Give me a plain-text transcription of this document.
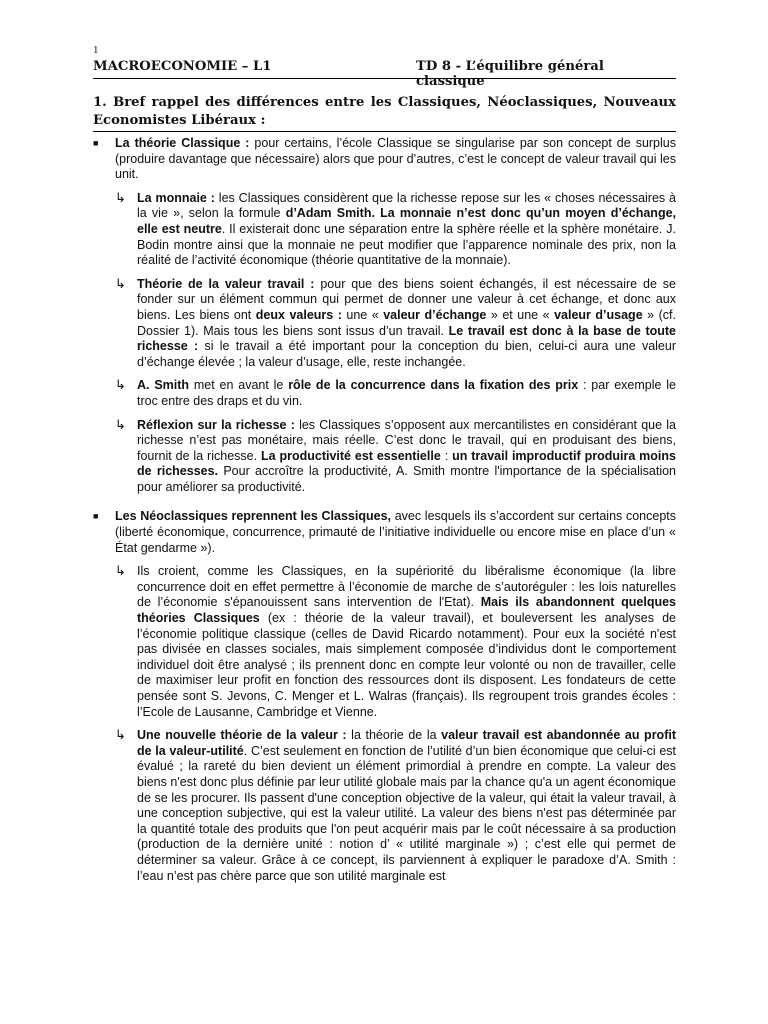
1
MACROECONOMIE – L1	TD 8 - L’équilibre général classique
1. Bref rappel des différences entre les Classiques, Néoclassiques, Nouveaux Economistes Libéraux :
■ La théorie Classique : pour certains, l’école Classique se singularise par son concept de surplus (produire davantage que nécessaire) alors que pour d’autres, c’est le concept de valeur travail qui les unit.
↳ La monnaie : les Classiques considèrent que la richesse repose sur les « choses nécessaires à la vie », selon la formule d’Adam Smith. La monnaie n’est donc qu’un moyen d’échange, elle est neutre. Il existerait donc une séparation entre la sphère réelle et la sphère monétaire. J. Bodin montre ainsi que la monnaie ne peut modifier que l’apparence nominale des prix, non la réalité de l’activité économique (théorie quantitative de la monnaie).
↳ Théorie de la valeur travail : pour que des biens soient échangés, il est nécessaire de se fonder sur un élément commun qui permet de donner une valeur à cet échange, et donc aux biens. Les biens ont deux valeurs : une « valeur d’échange » et une « valeur d’usage » (cf. Dossier 1). Mais tous les biens sont issus d’un travail. Le travail est donc à la base de toute richesse : si le travail a été important pour la conception du bien, celui-ci aura une valeur d’échange élevée ; la valeur d’usage, elle, reste inchangée.
↳ A. Smith met en avant le rôle de la concurrence dans la fixation des prix : par exemple le troc entre des draps et du vin.
↳ Réflexion sur la richesse : les Classiques s’opposent aux mercantilistes en considérant que la richesse n’est pas monétaire, mais réelle. C’est donc le travail, qui en produisant des biens, fournit de la richesse. La productivité est essentielle : un travail improductif produira moins de richesses. Pour accroître la productivité, A. Smith montre l'importance de la spécialisation pour améliorer sa productivité.
■ Les Néoclassiques reprennent les Classiques, avec lesquels ils s’accordent sur certains concepts (liberté économique, concurrence, primauté de l’initiative individuelle ou encore mise en place d’un « État gendarme »).
↳ Ils croient, comme les Classiques, en la supériorité du libéralisme économique (la libre concurrence doit en effet permettre à l’économie de marche de s’autoréguler : les lois naturelles de l’économie s'épanouissent sans intervention de l'Etat). Mais ils abandonnent quelques théories Classiques (ex : théorie de la valeur travail), et bouleversent les analyses de l’économie politique classique (celles de David Ricardo notamment). Pour eux la société n'est pas divisée en classes sociales, mais simplement composée d’individus dont le comportement individuel doit être analysé ; ils prennent donc en compte leur volonté ou non de travailler, celle de maximiser leur profit en fonction des ressources dont ils disposent. Les fondateurs de cette pensée sont S. Jevons, C. Menger et L. Walras (français). Ils regroupent trois grandes écoles : l’Ecole de Lausanne, Cambridge et Vienne.
↳ Une nouvelle théorie de la valeur : la théorie de la valeur travail est abandonnée au profit de la valeur-utilité. C’est seulement en fonction de l’utilité d’un bien économique que celui-ci est évalué ; la rareté du bien devient un élément primordial à prendre en compte. La valeur des biens n'est donc plus définie par leur utilité globale mais par la chance qu'a un agent économique de se les procurer. Ils passent d'une conception objective de la valeur, qui était la valeur travail, à une conception subjective, qui est la valeur utilité. La valeur des biens n'est pas déterminée par la quantité totale des produits que l'on peut acquérir mais par le coût nécessaire à sa production (production de la dernière unité : notion d’ « utilité marginale ») ; c’est elle qui permet de déterminer sa valeur. Grâce à ce concept, ils parviennent à expliquer le paradoxe d’A. Smith : l’eau n’est pas chère parce que son utilité marginale est
